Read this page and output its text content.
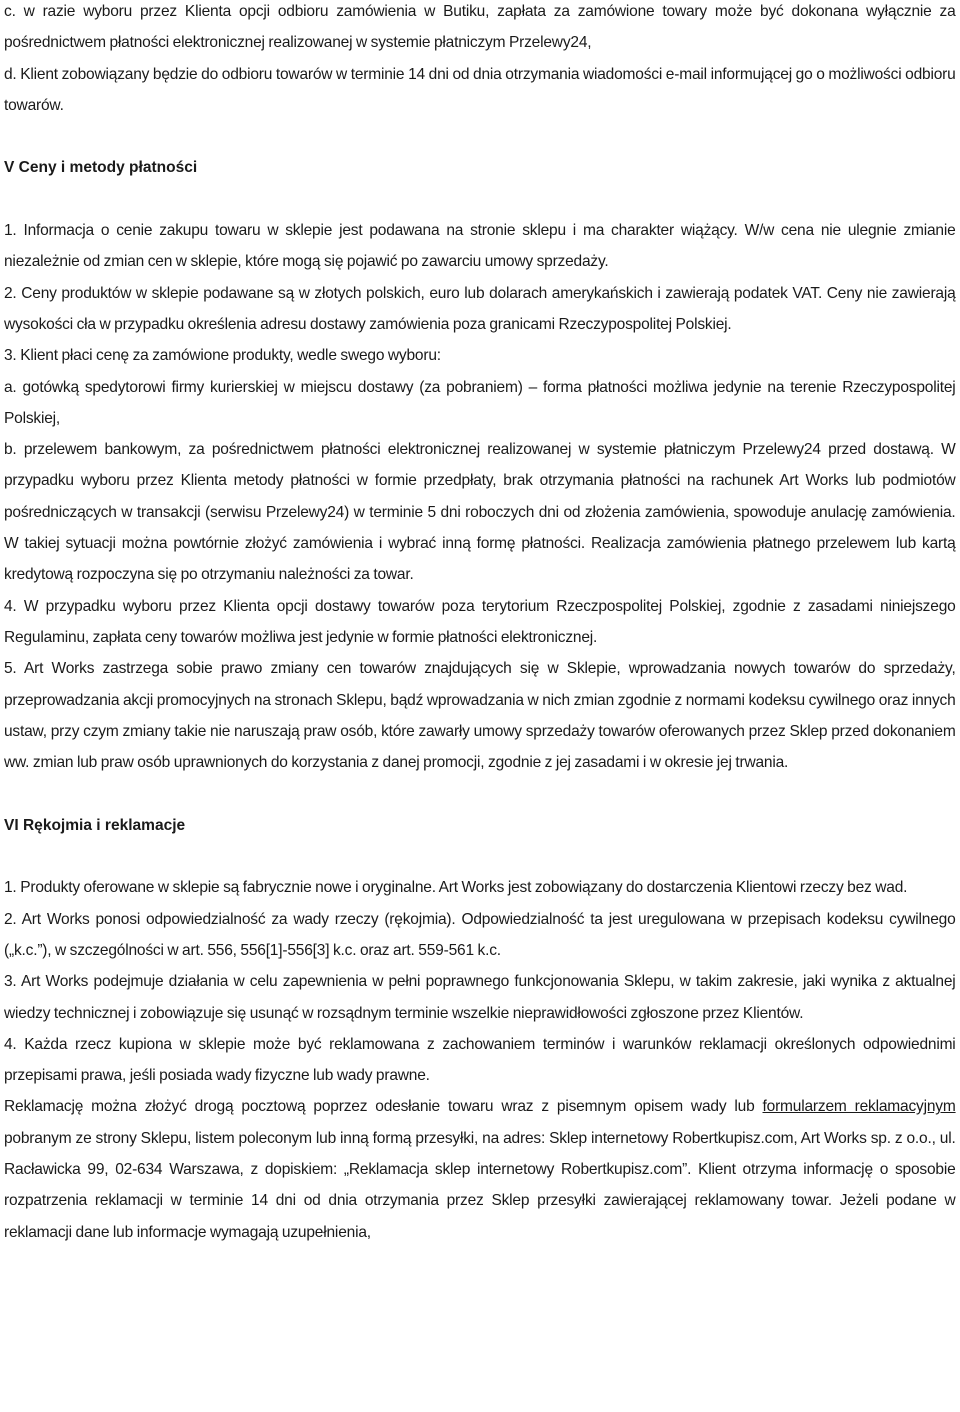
c. w razie wyboru przez Klienta opcji odbioru zamówienia w Butiku, zapłata za zamówione towary może być dokonana wyłącznie za pośrednictwem płatności elektronicznej realizowanej w systemie płatniczym Przelewy24,

d. Klient zobowiązany będzie do odbioru towarów w terminie 14 dni od dnia otrzymania wiadomości e-mail informującej go o możliwości odbioru towarów.

V Ceny i metody płatności

1. Informacja o cenie zakupu towaru w sklepie jest podawana na stronie sklepu i ma charakter wiążący. W/w cena nie ulegnie zmianie niezależnie od zmian cen w sklepie, które mogą się pojawić po zawarciu umowy sprzedaży.

2. Ceny produktów w sklepie podawane są w złotych polskich, euro lub dolarach amerykańskich i zawierają podatek VAT. Ceny nie zawierają wysokości cła w przypadku określenia adresu dostawy zamówienia poza granicami Rzeczypospolitej Polskiej.

3. Klient płaci cenę za zamówione produkty, wedle swego wyboru:

a. gotówką spedytorowi firmy kurierskiej w miejscu dostawy (za pobraniem) – forma płatności możliwa jedynie na terenie Rzeczypospolitej Polskiej,

b. przelewem bankowym, za pośrednictwem płatności elektronicznej realizowanej w systemie płatniczym Przelewy24 przed dostawą. W przypadku wyboru przez Klienta metody płatności w formie przedpłaty, brak otrzymania płatności na rachunek Art Works lub podmiotów pośredniczących w transakcji (serwisu Przelewy24) w terminie 5 dni roboczych dni od złożenia zamówienia, spowoduje anulację zamówienia. W takiej sytuacji można powtórnie złożyć zamówienia i wybrać inną formę płatności. Realizacja zamówienia płatnego przelewem lub kartą kredytową rozpoczyna się po otrzymaniu należności za towar.

4. W przypadku wyboru przez Klienta opcji dostawy towarów poza terytorium Rzeczpospolitej Polskiej, zgodnie z zasadami niniejszego Regulaminu, zapłata ceny towarów możliwa jest jedynie w formie płatności elektronicznej.

5. Art Works zastrzega sobie prawo zmiany cen towarów znajdujących się w Sklepie, wprowadzania nowych towarów do sprzedaży, przeprowadzania akcji promocyjnych na stronach Sklepu, bądź wprowadzania w nich zmian zgodnie z normami kodeksu cywilnego oraz innych ustaw, przy czym zmiany takie nie naruszają praw osób, które zawarły umowy sprzedaży towarów oferowanych przez Sklep przed dokonaniem ww. zmian lub praw osób uprawnionych do korzystania z danej promocji, zgodnie z jej zasadami i w okresie jej trwania.

VI Rękojmia i reklamacje

1. Produkty oferowane w sklepie są fabrycznie nowe i oryginalne. Art Works jest zobowiązany do dostarczenia Klientowi rzeczy bez wad.

2. Art Works ponosi odpowiedzialność za wady rzeczy (rękojmia). Odpowiedzialność ta jest uregulowana w przepisach kodeksu cywilnego („k.c.”), w szczególności w art. 556, 556[1]-556[3] k.c. oraz art. 559-561 k.c.

3. Art Works podejmuje działania w celu zapewnienia w pełni poprawnego funkcjonowania Sklepu, w takim zakresie, jaki wynika z aktualnej wiedzy technicznej i zobowiązuje się usunąć w rozsądnym terminie wszelkie nieprawidłowości zgłoszone przez Klientów.

4. Każda rzecz kupiona w sklepie może być reklamowana z zachowaniem terminów i warunków reklamacji określonych odpowiednimi przepisami prawa, jeśli posiada wady fizyczne lub wady prawne.

Reklamację można złożyć drogą pocztową poprzez odesłanie towaru wraz z pisemnym opisem wady lub formularzem reklamacyjnym pobranym ze strony Sklepu, listem poleconym lub inną formą przesyłki, na adres: Sklep internetowy Robertkupisz.com, Art Works sp. z o.o., ul. Racławicka 99, 02-634 Warszawa, z dopiskiem: „Reklamacja sklep internetowy Robertkupisz.com”. Klient otrzyma informację o sposobie rozpatrzenia reklamacji w terminie 14 dni od dnia otrzymania przez Sklep przesyłki zawierającej reklamowany towar. Jeżeli podane w reklamacji dane lub informacje wymagają uzupełnienia,
